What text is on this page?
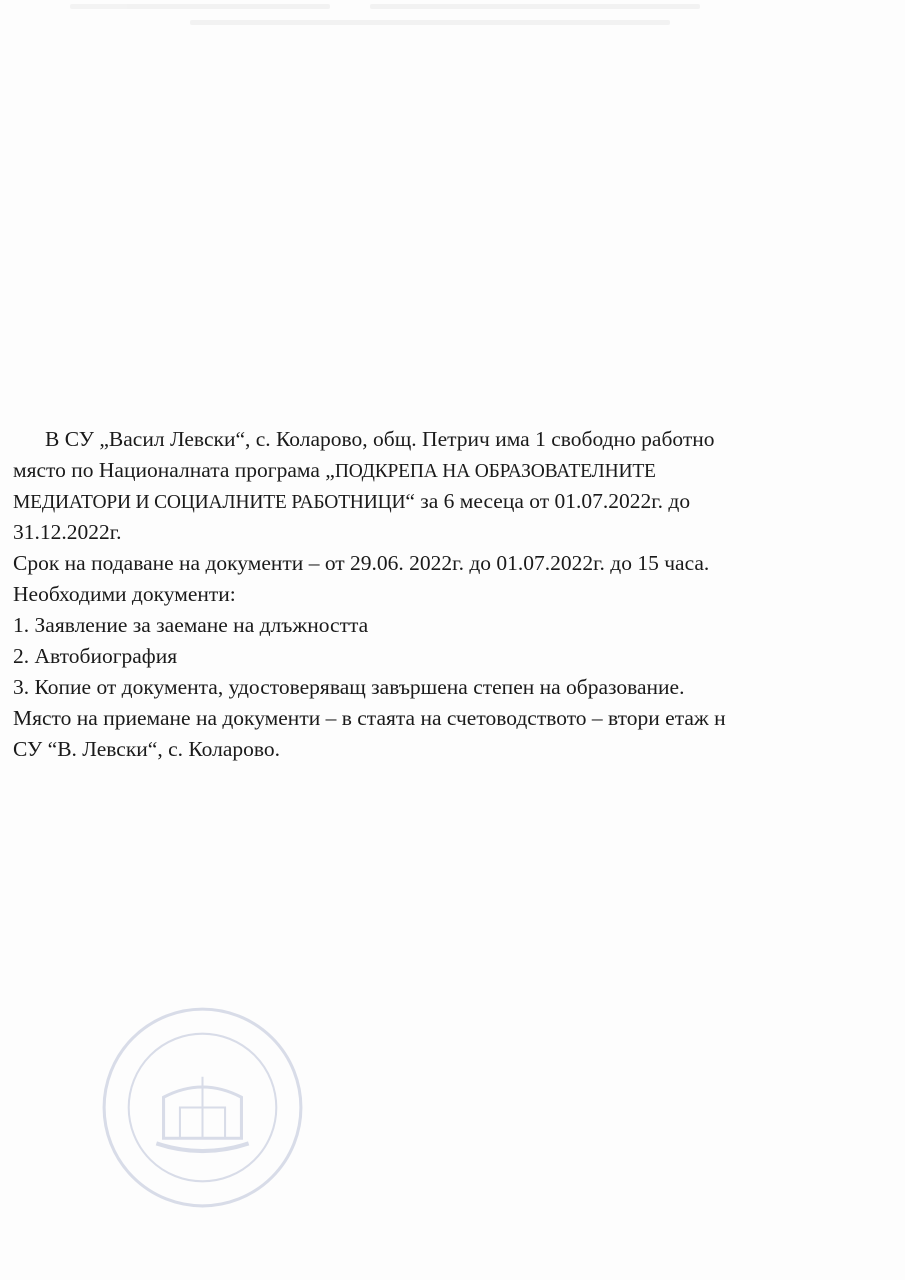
В СУ „Васил Левски“, с. Коларово, общ. Петрич има 1 свободно работно
място по Националната програма „ПОДКРЕПА НА ОБРАЗОВАТЕЛНИТЕ
МЕДИАТОРИ И СОЦИАЛНИТЕ РАБОТНИЦИ“ за 6 месеца от 01.07.2022г. до
31.12.2022г.
Срок на подаване на документи – от 29.06. 2022г. до 01.07.2022г. до 15 часа.
Необходими документи:
1. Заявление за заемане на длъжността
2. Автобиография
3. Копие от документа, удостоверяващ завършена степен на образование.
Място на приемане на документи – в стаята на счетоводството – втори етаж н
СУ “В. Левски“, с. Коларово.
